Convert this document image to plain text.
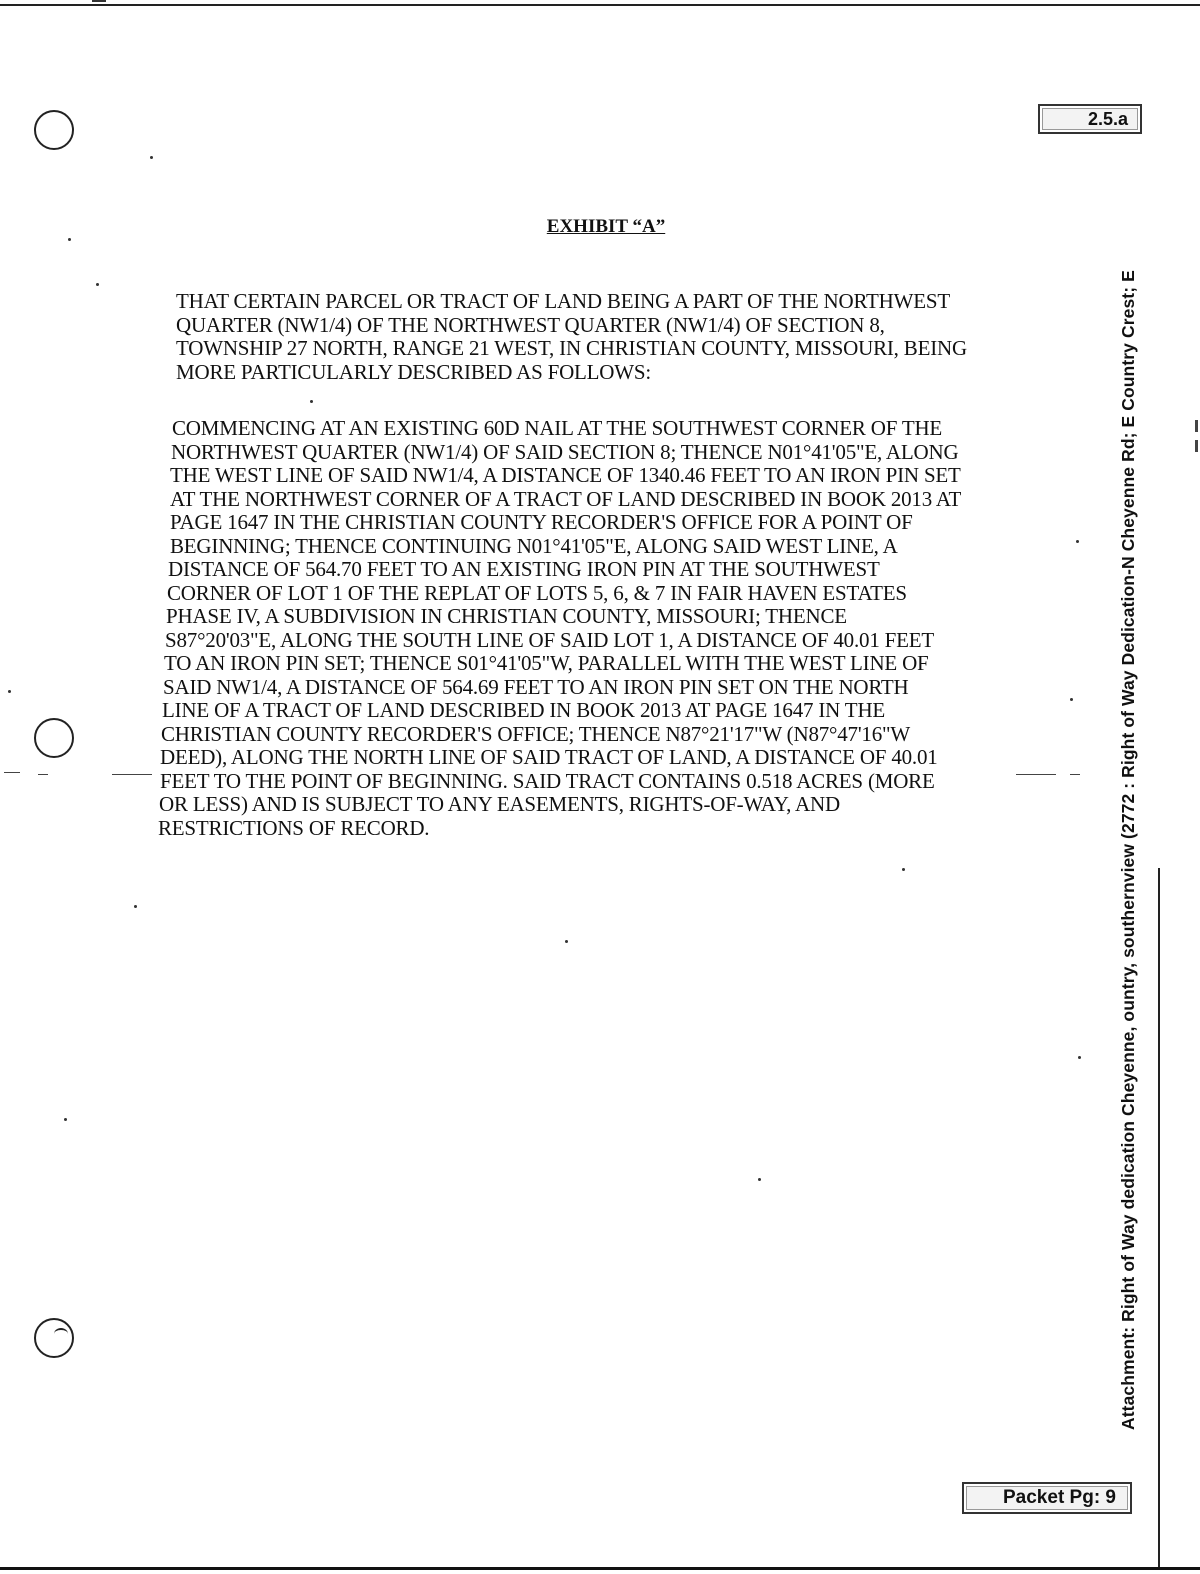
2.5.a
EXHIBIT “A”

THAT CERTAIN PARCEL OR TRACT OF LAND BEING A PART OF THE NORTHWEST
QUARTER (NW1/4) OF THE NORTHWEST QUARTER (NW1/4) OF SECTION 8,
TOWNSHIP 27 NORTH, RANGE 21 WEST, IN CHRISTIAN COUNTY, MISSOURI, BEING
MORE PARTICULARLY DESCRIBED AS FOLLOWS:

COMMENCING AT AN EXISTING 60D NAIL AT THE SOUTHWEST CORNER OF THE
NORTHWEST QUARTER (NW1/4) OF SAID SECTION 8; THENCE N01°41'05"E, ALONG
THE WEST LINE OF SAID NW1/4, A DISTANCE OF 1340.46 FEET TO AN IRON PIN SET
AT THE NORTHWEST CORNER OF A TRACT OF LAND DESCRIBED IN BOOK 2013 AT
PAGE 1647 IN THE CHRISTIAN COUNTY RECORDER'S OFFICE FOR A POINT OF
BEGINNING; THENCE CONTINUING N01°41'05"E, ALONG SAID WEST LINE, A
DISTANCE OF 564.70 FEET TO AN EXISTING IRON PIN AT THE SOUTHWEST
CORNER OF LOT 1 OF THE REPLAT OF LOTS 5, 6, & 7 IN FAIR HAVEN ESTATES
PHASE IV, A SUBDIVISION IN CHRISTIAN COUNTY, MISSOURI; THENCE
S87°20'03"E, ALONG THE SOUTH LINE OF SAID LOT 1, A DISTANCE OF 40.01 FEET
TO AN IRON PIN SET; THENCE S01°41'05"W, PARALLEL WITH THE WEST LINE OF
SAID NW1/4, A DISTANCE OF 564.69 FEET TO AN IRON PIN SET ON THE NORTH
LINE OF A TRACT OF LAND DESCRIBED IN BOOK 2013 AT PAGE 1647 IN THE
CHRISTIAN COUNTY RECORDER'S OFFICE; THENCE N87°21'17"W (N87°47'16"W
DEED), ALONG THE NORTH LINE OF SAID TRACT OF LAND, A DISTANCE OF 40.01
FEET TO THE POINT OF BEGINNING. SAID TRACT CONTAINS 0.518 ACRES (MORE
OR LESS) AND IS SUBJECT TO ANY EASEMENTS, RIGHTS-OF-WAY, AND
RESTRICTIONS OF RECORD.	Attachment: Right of Way dedication Cheyenne, ountry, southernview (2772 : Right of Way Dedication-N Cheyenne Rd; E Country Crest; E
Packet Pg: 9
